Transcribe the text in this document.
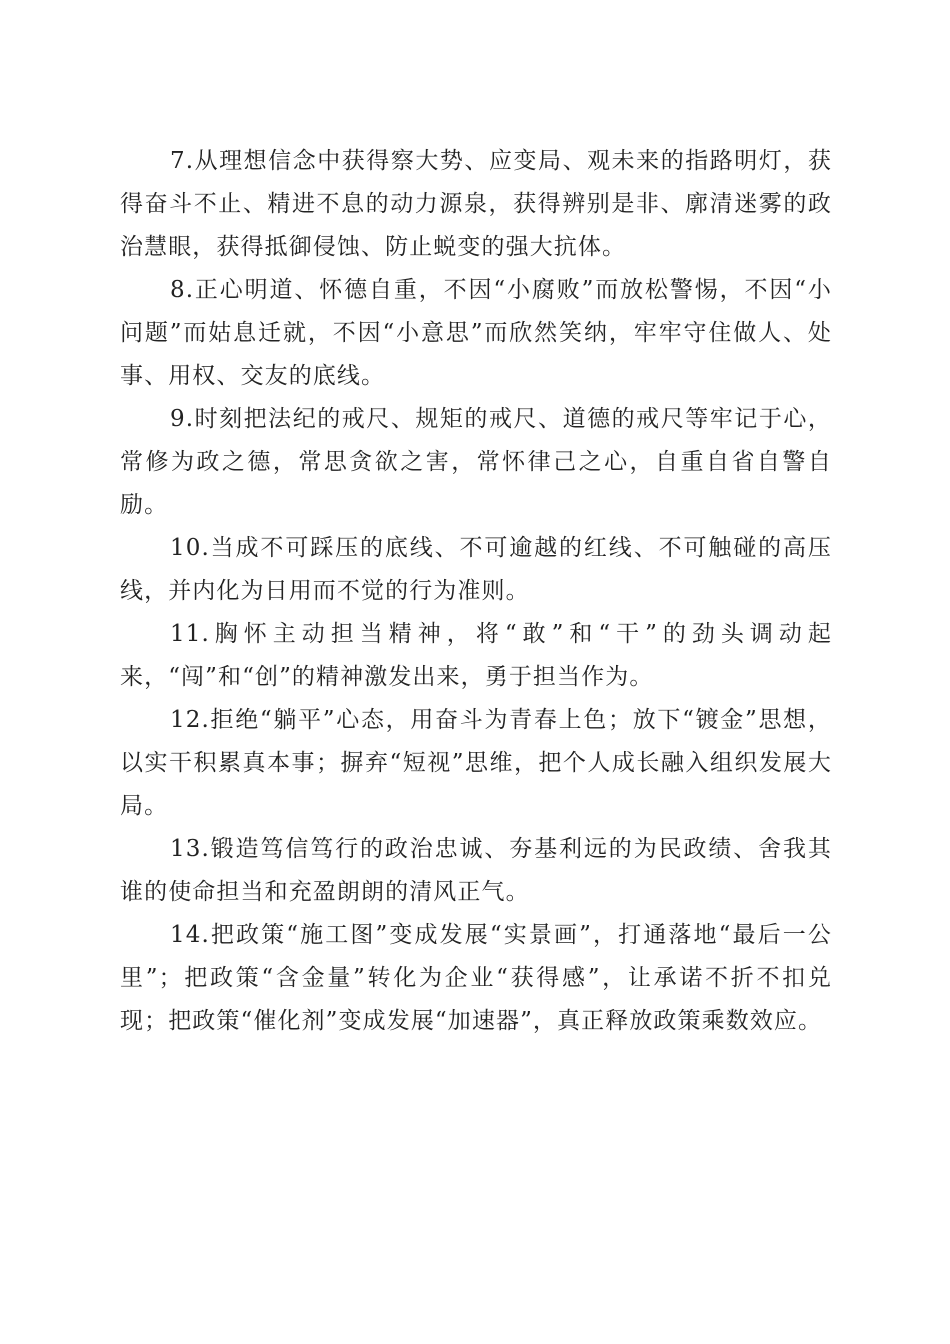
7.从理想信念中获得察大势、应变局、观未来的指路明灯，获得奋斗不止、精进不息的动力源泉，获得辨别是非、廓清迷雾的政治慧眼，获得抵御侵蚀、防止蜕变的强大抗体。

8.正心明道、怀德自重，不因“小腐败”而放松警惕，不因“小问题”而姑息迁就，不因“小意思”而欣然笑纳，牢牢守住做人、处事、用权、交友的底线。

9.时刻把法纪的戒尺、规矩的戒尺、道德的戒尺等牢记于心，常修为政之德，常思贪欲之害，常怀律己之心，自重自省自警自励。

10.当成不可踩压的底线、不可逾越的红线、不可触碰的高压线，并内化为日用而不觉的行为准则。

11.胸怀主动担当精神，将“敢”和“干”的劲头调动起来，“闯”和“创”的精神激发出来，勇于担当作为。

12.拒绝“躺平”心态，用奋斗为青春上色；放下“镀金”思想，以实干积累真本事；摒弃“短视”思维，把个人成长融入组织发展大局。

13.锻造笃信笃行的政治忠诚、夯基利远的为民政绩、舍我其谁的使命担当和充盈朗朗的清风正气。

14.把政策“施工图”变成发展“实景画”，打通落地“最后一公里”；把政策“含金量”转化为企业“获得感”，让承诺不折不扣兑现；把政策“催化剂”变成发展“加速器”，真正释放政策乘数效应。
